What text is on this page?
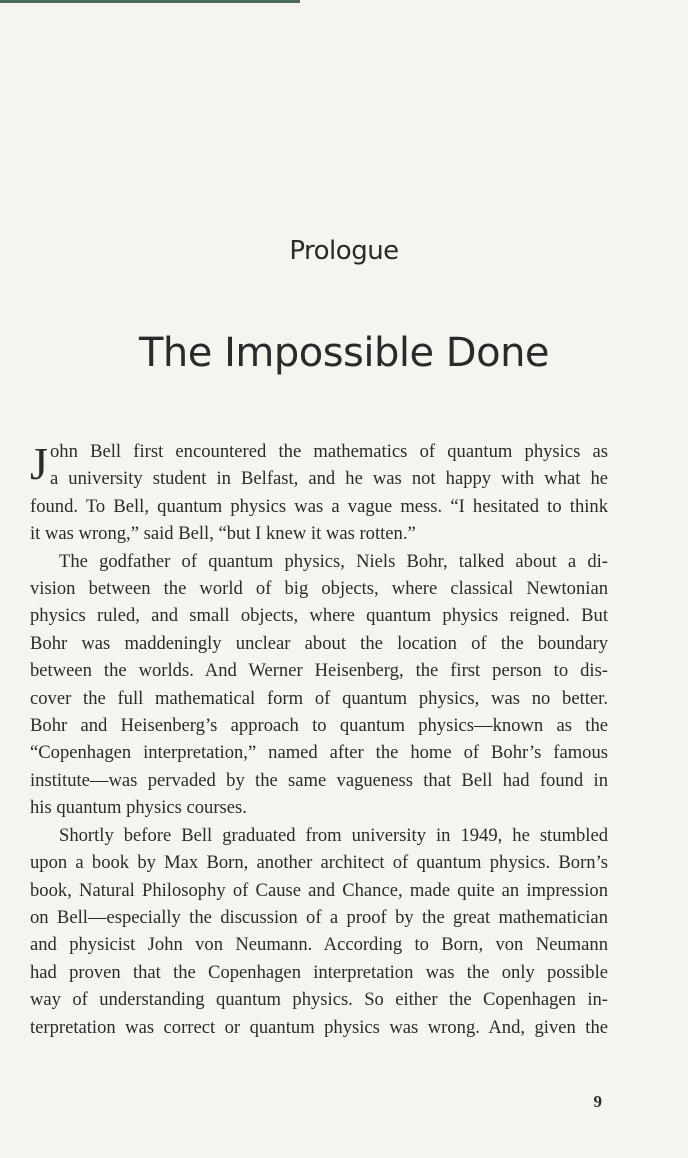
Prologue
The Impossible Done
J ohn Bell first encountered the mathematics of quantum physics as
a university student in Belfast, and he was not happy with what he
found. To Bell, quantum physics was a vague mess. “I hesitated to think
it was wrong,” said Bell, “but I knew it was rotten.”
The godfather of quantum physics, Niels Bohr, talked about a di-
vision between the world of big objects, where classical Newtonian
physics ruled, and small objects, where quantum physics reigned. But
Bohr was maddeningly unclear about the location of the boundary
between the worlds. And Werner Heisenberg, the first person to dis-
cover the full mathematical form of quantum physics, was no better.
Bohr and Heisenberg’s approach to quantum physics—known as the
“Copenhagen interpretation,” named after the home of Bohr’s famous
institute—was pervaded by the same vagueness that Bell had found in
his quantum physics courses.
Shortly before Bell graduated from university in 1949, he stumbled
upon a book by Max Born, another architect of quantum physics. Born’s
book, Natural Philosophy of Cause and Chance, made quite an impression
on Bell—especially the discussion of a proof by the great mathematician
and physicist John von Neumann. According to Born, von Neumann
had proven that the Copenhagen interpretation was the only possible
way of understanding quantum physics. So either the Copenhagen in-
terpretation was correct or quantum physics was wrong. And, given the
9
